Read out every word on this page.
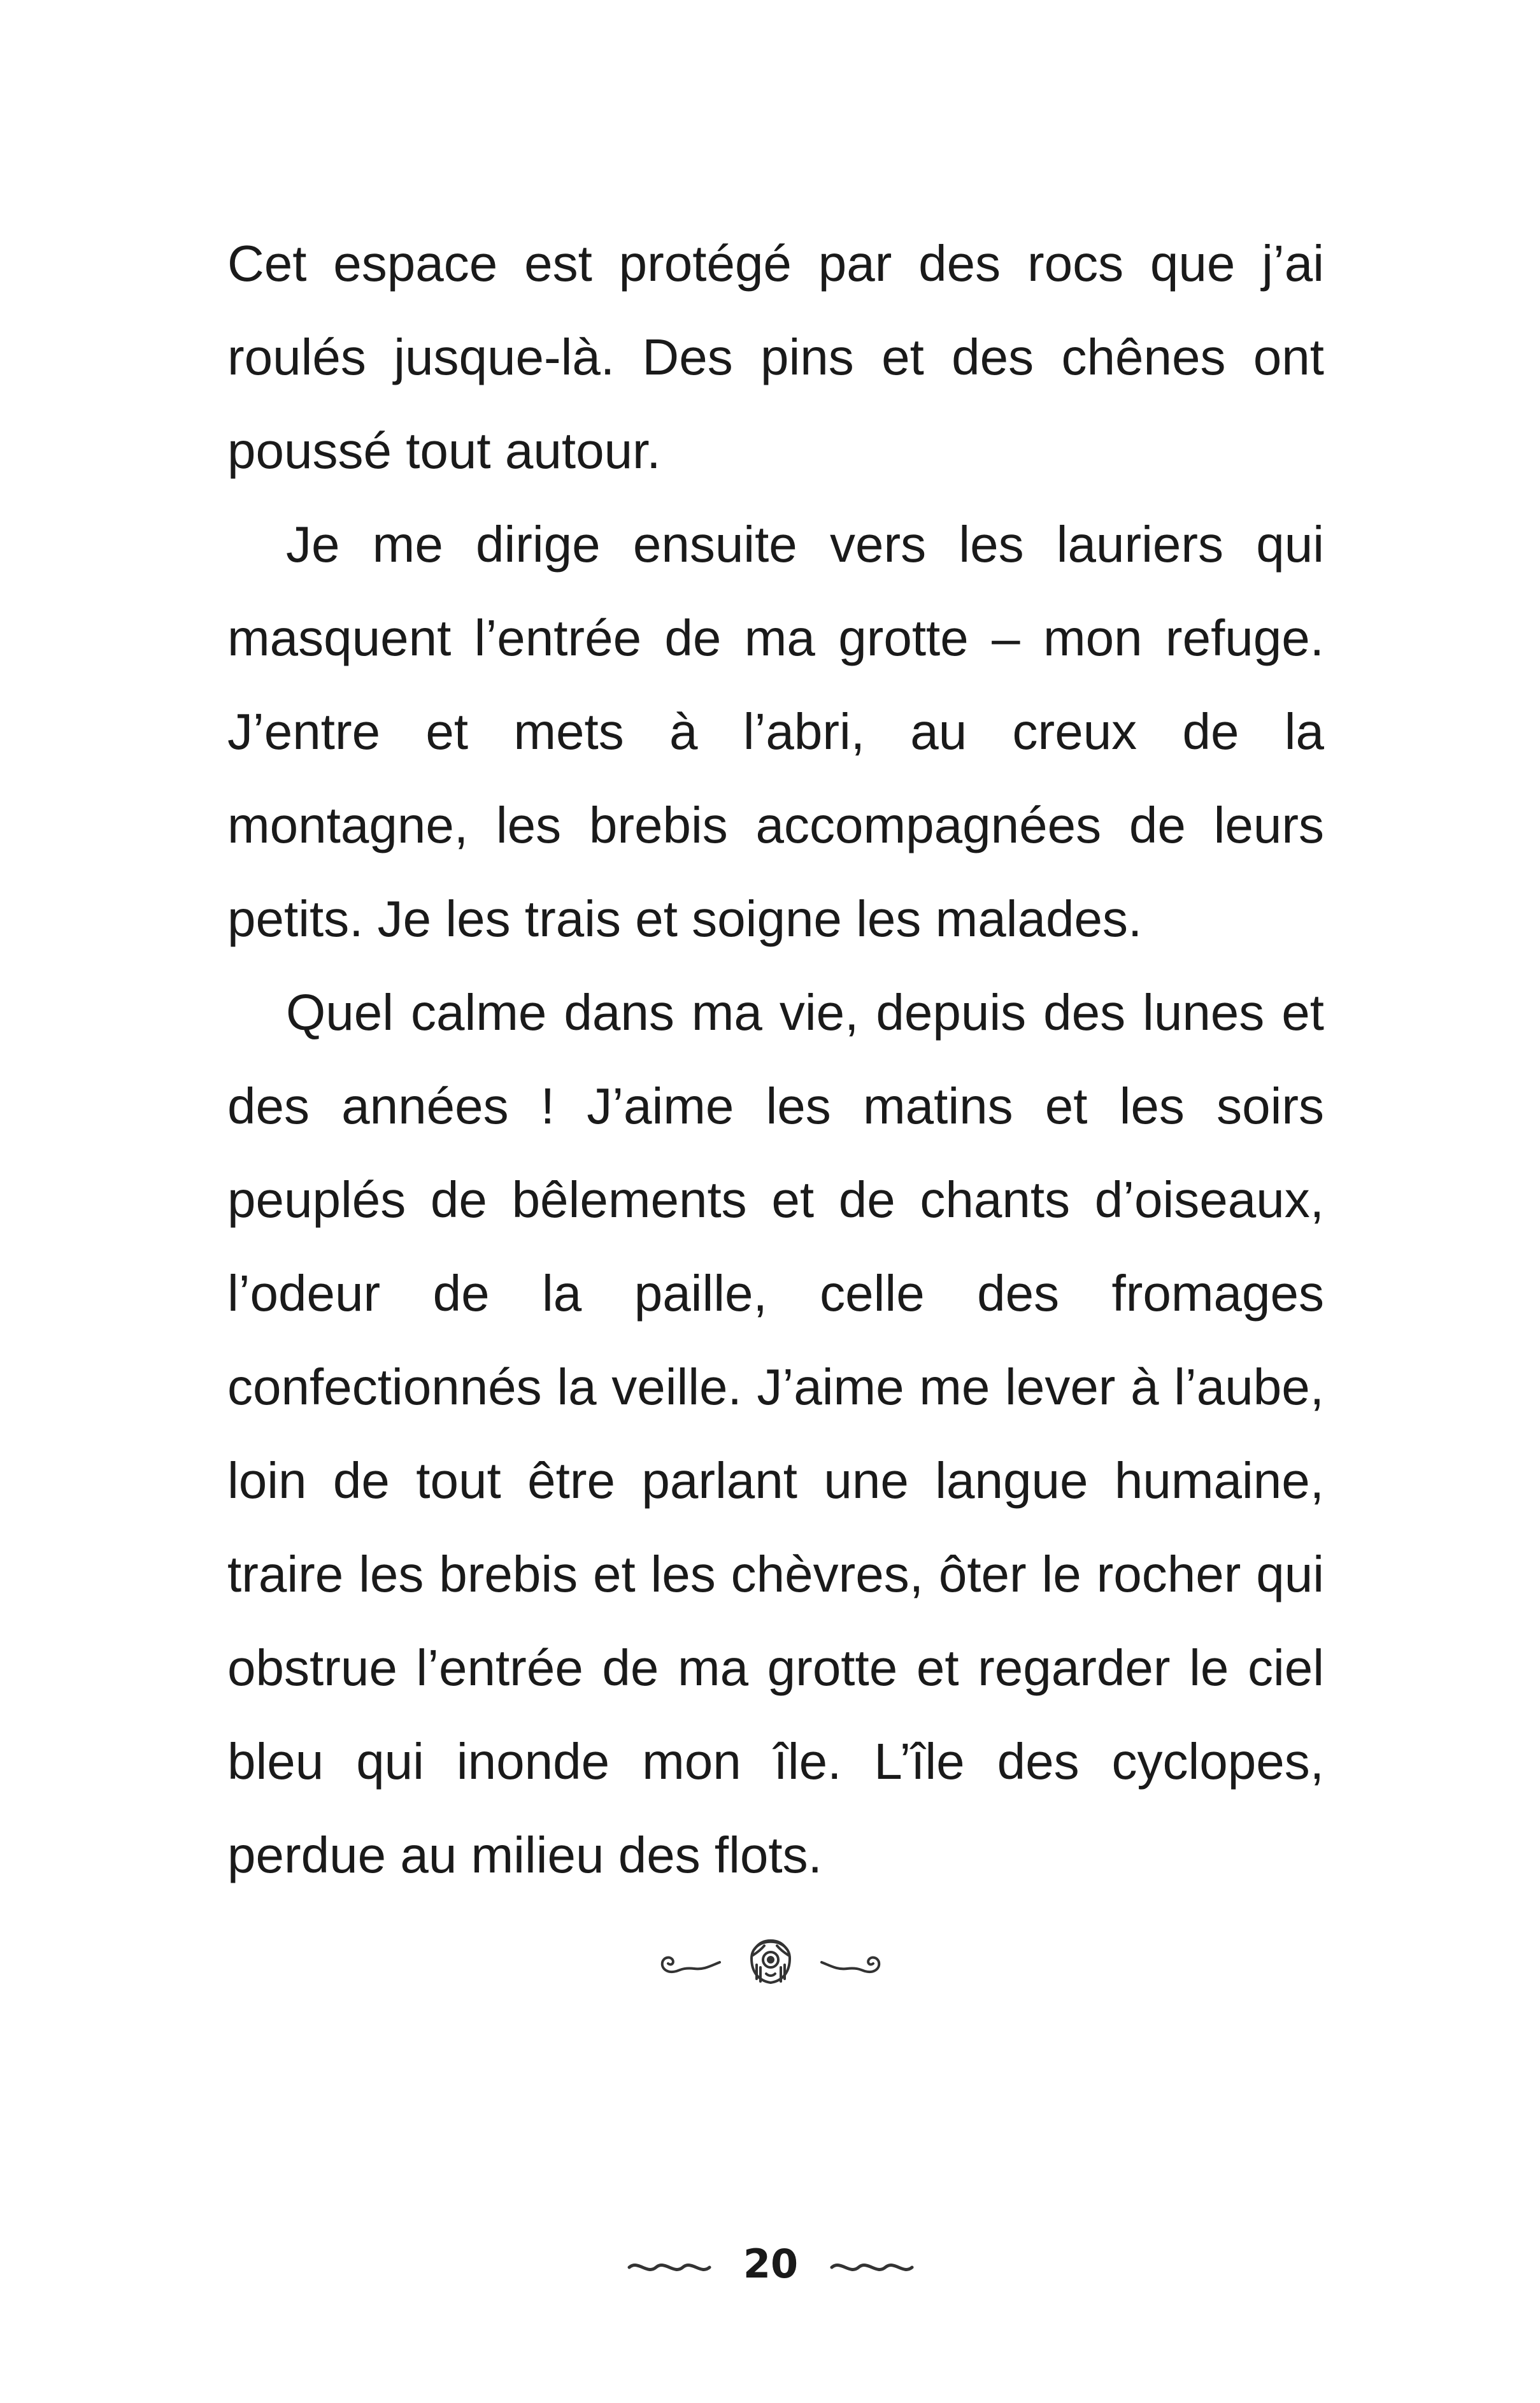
Cet espace est protégé par des rocs que j’ai roulés jusque-là. Des pins et des chênes ont poussé tout autour.

Je me dirige ensuite vers les lauriers qui masquent l’entrée de ma grotte – mon refuge. J’entre et mets à l’abri, au creux de la montagne, les brebis accompagnées de leurs petits. Je les trais et soigne les malades.

Quel calme dans ma vie, depuis des lunes et des années ! J’aime les matins et les soirs peuplés de bêlements et de chants d’oiseaux, l’odeur de la paille, celle des fromages confectionnés la veille. J’aime me lever à l’aube, loin de tout être parlant une langue humaine, traire les brebis et les chèvres, ôter le rocher qui obstrue l’entrée de ma grotte et regarder le ciel bleu qui inonde mon île. L’île des cyclopes, perdue au milieu des flots.

20
